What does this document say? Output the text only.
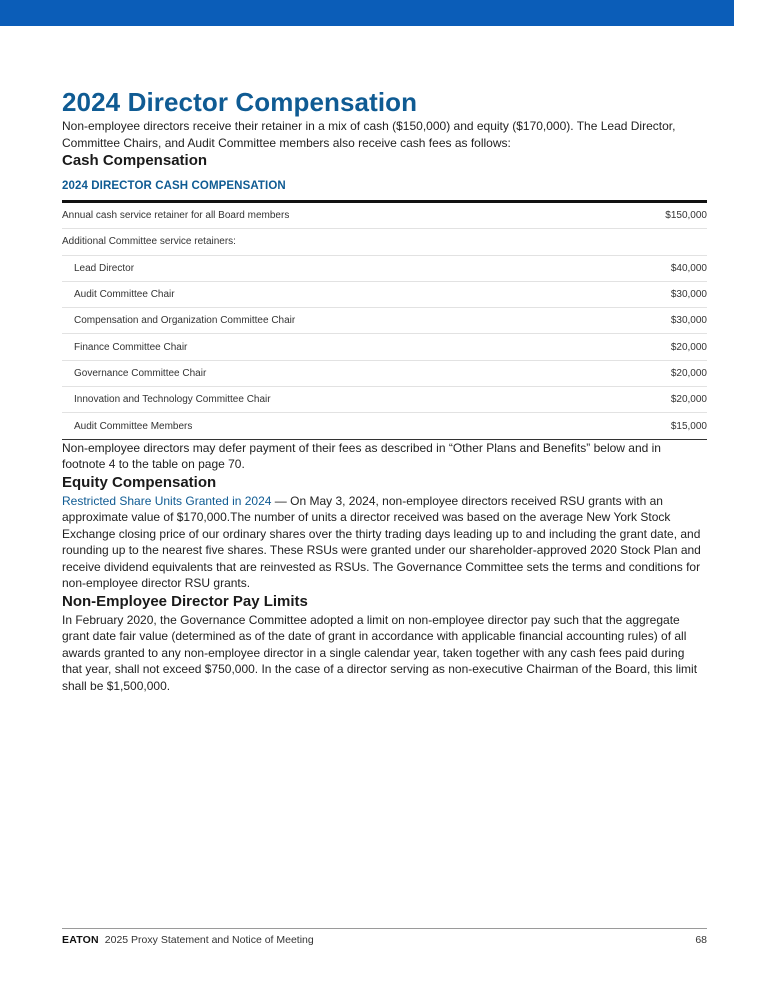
2024 Director Compensation

Non-employee directors receive their retainer in a mix of cash ($150,000) and equity ($170,000). The Lead Director, Committee Chairs, and Audit Committee members also receive cash fees as follows:

Cash Compensation
2024 DIRECTOR CASH COMPENSATION
Annual cash service retainer for all Board members	$150,000
Additional Committee service retainers:	
Lead Director	$40,000
Audit Committee Chair	$30,000
Compensation and Organization Committee Chair	$30,000
Finance Committee Chair	$20,000
Governance Committee Chair	$20,000
Innovation and Technology Committee Chair	$20,000
Audit Committee Members	$15,000

Non-employee directors may defer payment of their fees as described in “Other Plans and Benefits” below and in footnote 4 to the table on page 70.

Equity Compensation

Restricted Share Units Granted in 2024 — On May 3, 2024, non-employee directors received RSU grants with an approximate value of $170,000.The number of units a director received was based on the average New York Stock Exchange closing price of our ordinary shares over the thirty trading days leading up to and including the grant date, and rounding up to the nearest five shares. These RSUs were granted under our shareholder-approved 2020 Stock Plan and receive dividend equivalents that are reinvested as RSUs. The Governance Committee sets the terms and conditions for non-employee director RSU grants.

Non-Employee Director Pay Limits

In February 2020, the Governance Committee adopted a limit on non-employee director pay such that the aggregate grant date fair value (determined as of the date of grant in accordance with applicable financial accounting rules) of all awards granted to any non-employee director in a single calendar year, taken together with any cash fees paid during that year, shall not exceed $750,000. In the case of a director serving as non-executive Chairman of the Board, this limit shall be $1,500,000.

EATON 2025 Proxy Statement and Notice of Meeting	68
